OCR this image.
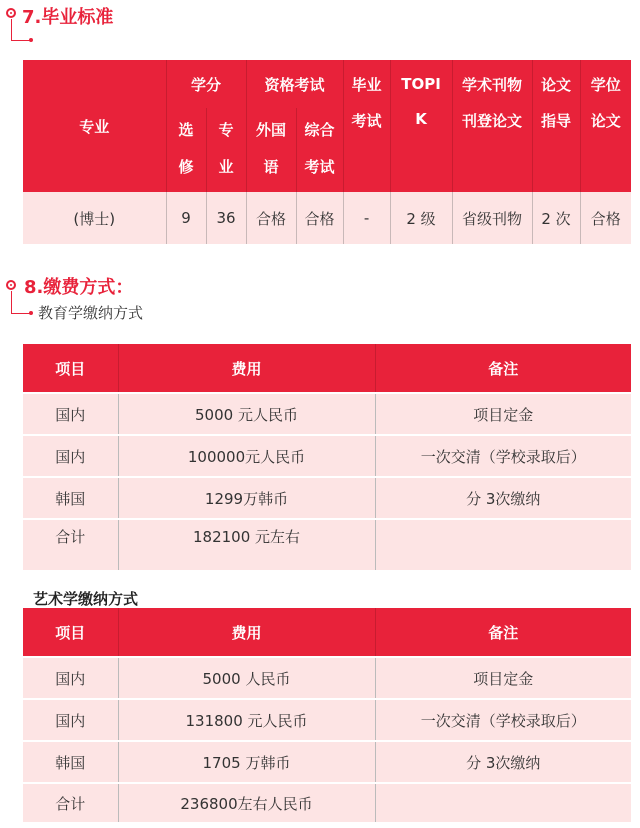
7.毕业标准
专业	学分		资格考试		毕业	TOPI	学术刊物	论文	学位
	选	专	外国	综合	考试	K	刊登论文	指导	论文
	修	业	语	考试					
(博士)	9	36	合格	合格	-	2 级	省级刊物	2 次	合格
8.缴费方式：
教育学缴纳方式
项目	费用	备注
国内	5000 元人民币	项目定金
国内	100000元人民币	一次交清（学校录取后）
韩国	1299万韩币	分 3次缴纳
合计	182100 元左右	
艺术学缴纳方式
项目	费用	备注
国内	5000 人民币	项目定金
国内	131800 元人民币	一次交清（学校录取后）
韩国	1705 万韩币	分 3次缴纳
合计	236800左右人民币	
